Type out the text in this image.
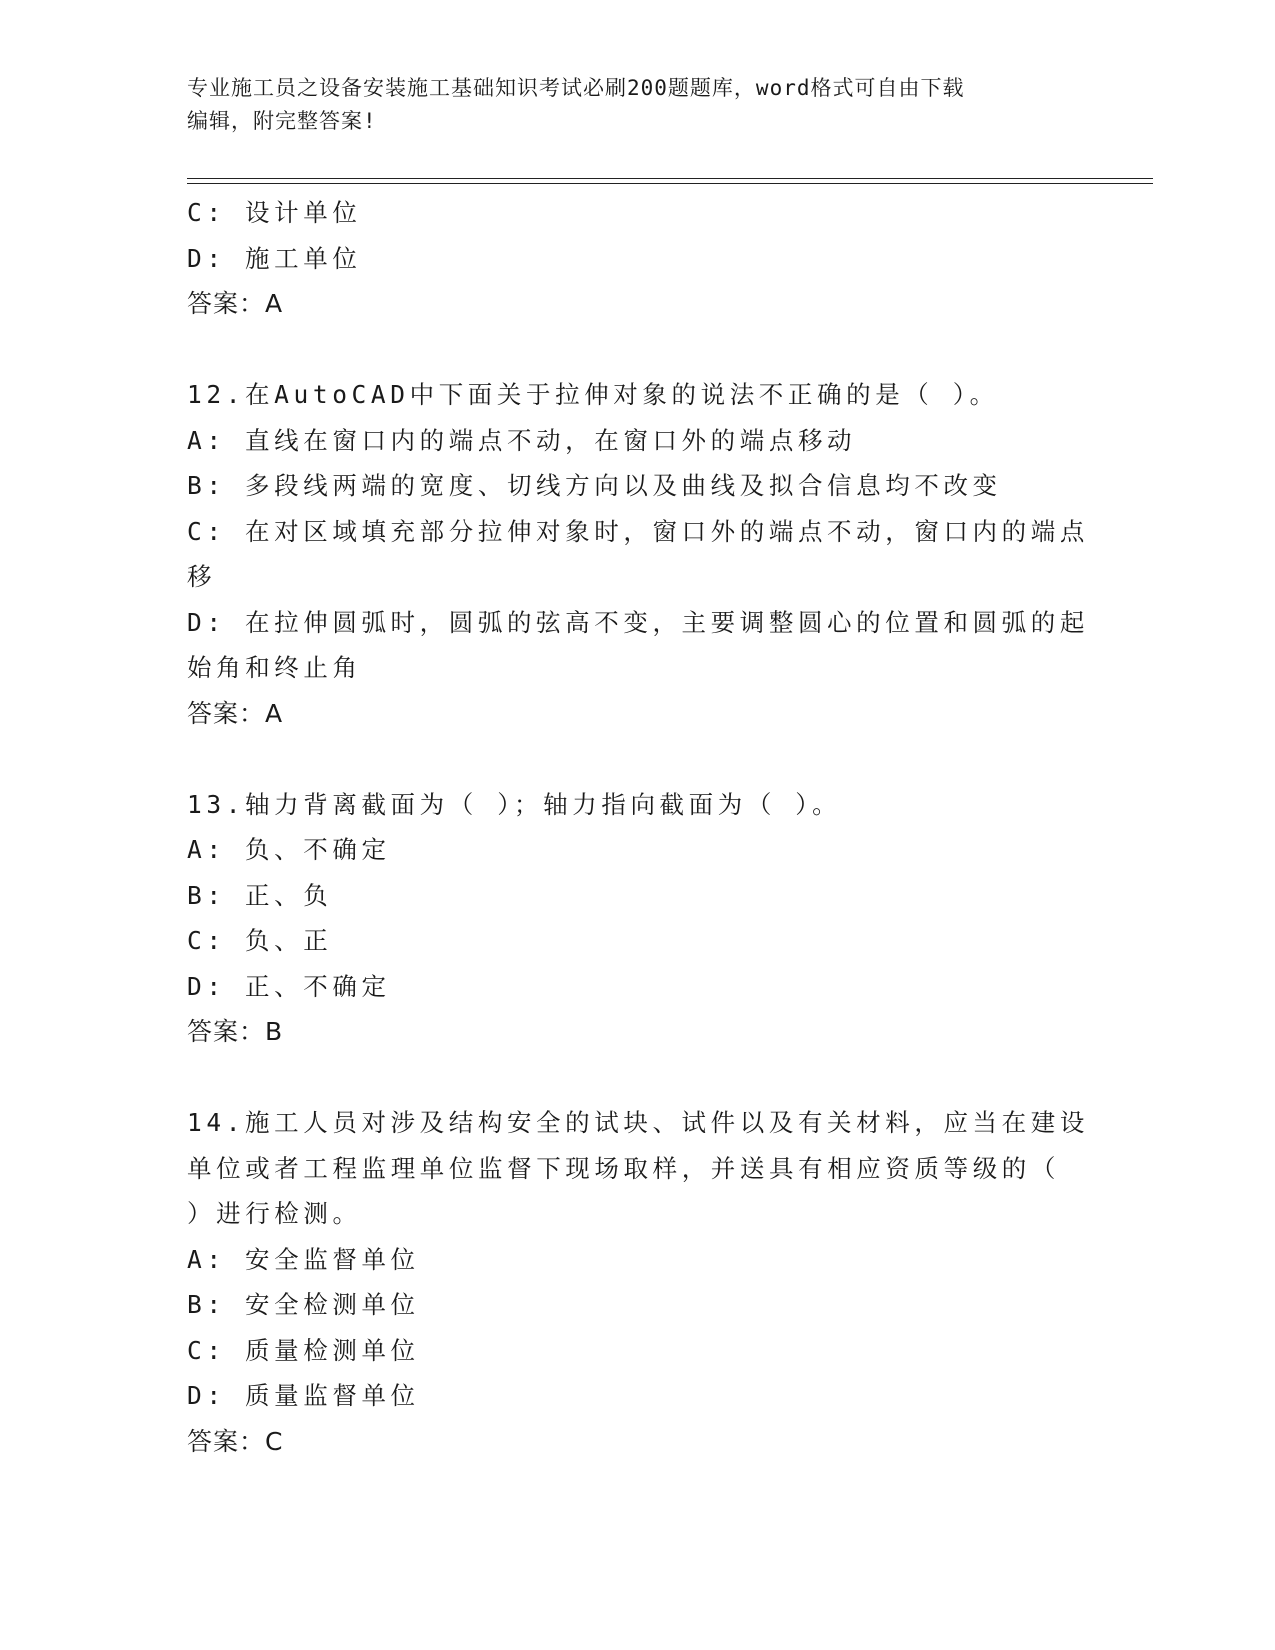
专业施工员之设备安装施工基础知识考试必刷200题题库，word格式可自由下载
编辑，附完整答案!
C: 设计单位
D: 施工单位
答案：A
12.在AutoCAD中下面关于拉伸对象的说法不正确的是（ ）。
A: 直线在窗口内的端点不动，在窗口外的端点移动
B: 多段线两端的宽度、切线方向以及曲线及拟合信息均不改变
C: 在对区域填充部分拉伸对象时，窗口外的端点不动，窗口内的端点
移
D: 在拉伸圆弧时，圆弧的弦高不变，主要调整圆心的位置和圆弧的起
始角和终止角
答案：A
13.轴力背离截面为（ ）；轴力指向截面为（ ）。
A: 负、不确定
B: 正、负
C: 负、正
D: 正、不确定
答案：B
14.施工人员对涉及结构安全的试块、试件以及有关材料，应当在建设
单位或者工程监理单位监督下现场取样，并送具有相应资质等级的（
）进行检测。
A: 安全监督单位
B: 安全检测单位
C: 质量检测单位
D: 质量监督单位
答案：C
